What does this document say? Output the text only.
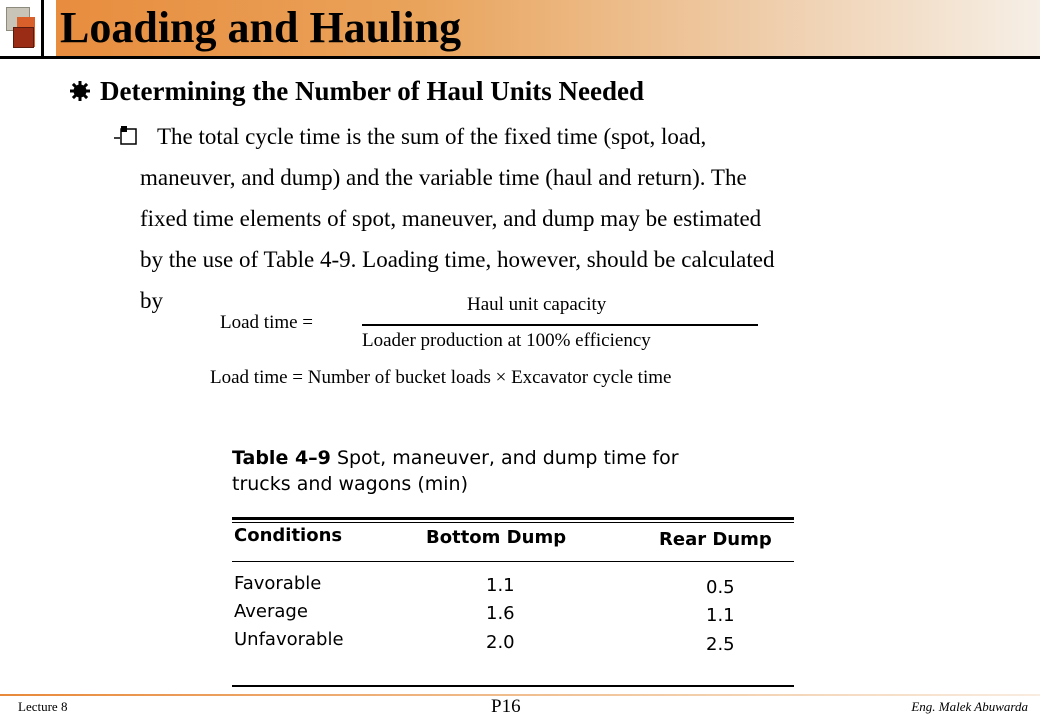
Loading and Hauling
Determining the Number of Haul Units Needed
The total cycle time is the sum of the fixed time (spot, load,
maneuver, and dump) and the variable time (haul and return). The
fixed time elements of spot, maneuver, and dump may be estimated
by the use of Table 4-9. Loading time, however, should be calculated
by
Load time =
Haul unit capacity
Loader production at 100% efficiency
Load time = Number of bucket loads × Excavator cycle time
Table 4–9 Spot, maneuver, and dump time for
trucks and wagons (min)
Conditions	Bottom Dump	Rear Dump
Favorable	1.1	0.5
Average	1.6	1.1
Unfavorable	2.0	2.5
Lecture 8	P16	Eng. Malek Abuwarda
